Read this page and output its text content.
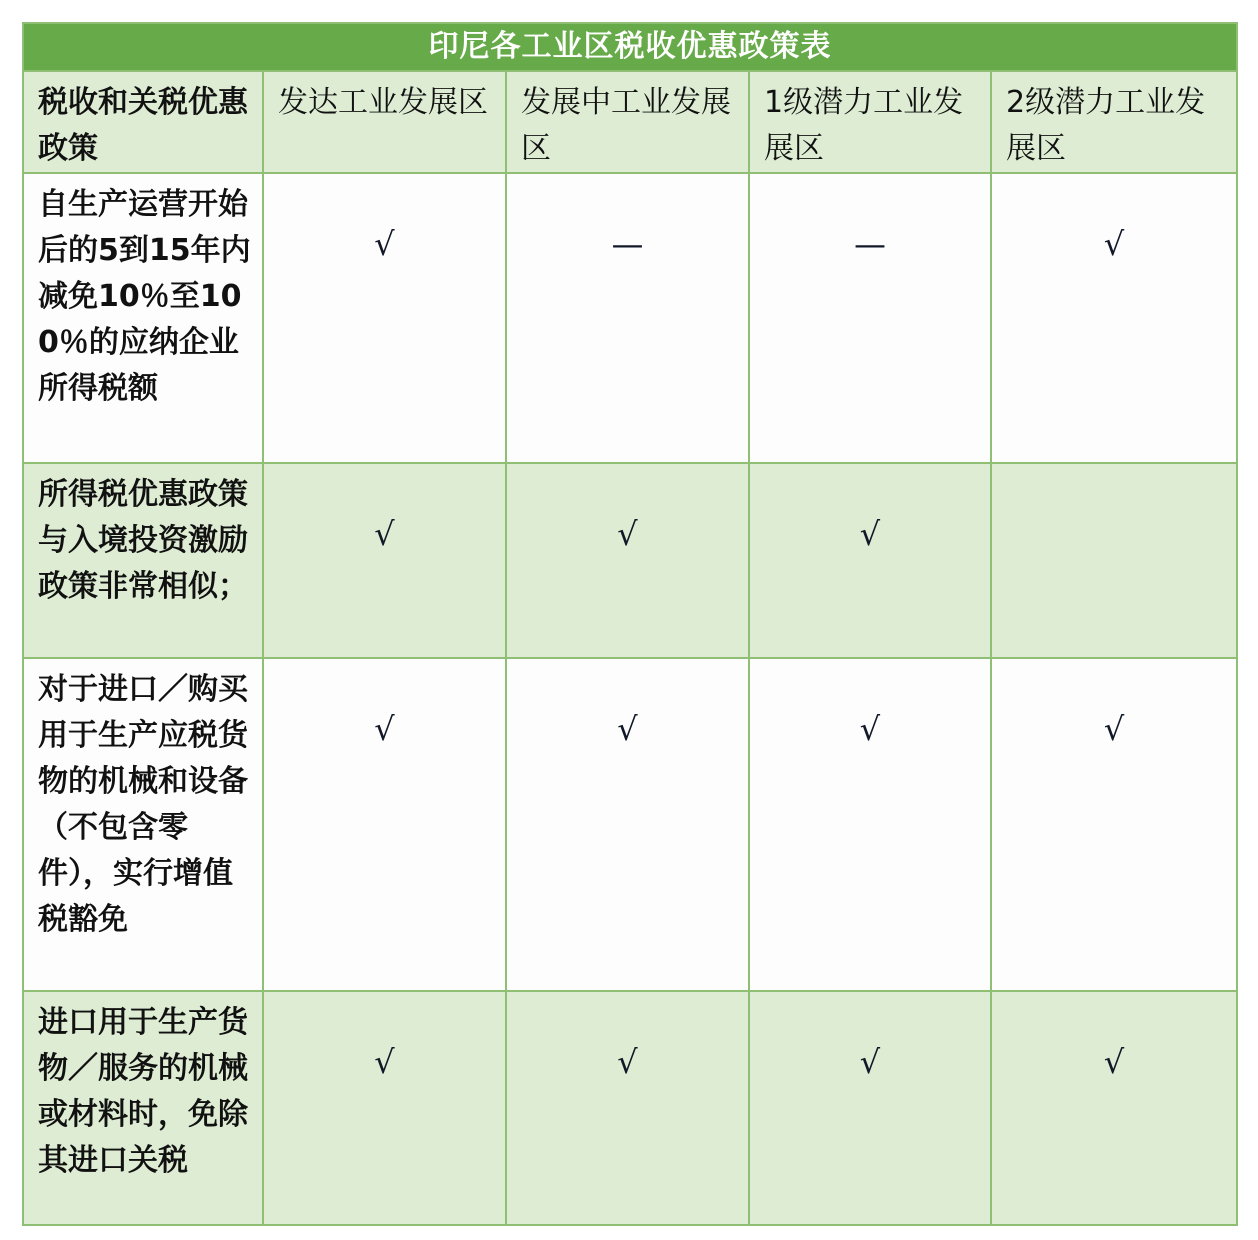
印尼各工业区税收优惠政策表				
税收和关税优惠政策	发达工业发展区	发展中工业发展区	1级潜力工业发展区	2级潜力工业发展区
自生产运营开始后的5到15年内减免10％至100％的应纳企业所得税额	√	—	—	√
所得税优惠政策与入境投资激励政策非常相似；	√	√	√	
对于进口／购买用于生产应税货物的机械和设备（不包含零件），实行增值税豁免	√	√	√	√
进口用于生产货物／服务的机械或材料时，免除其进口关税	√	√	√	√
